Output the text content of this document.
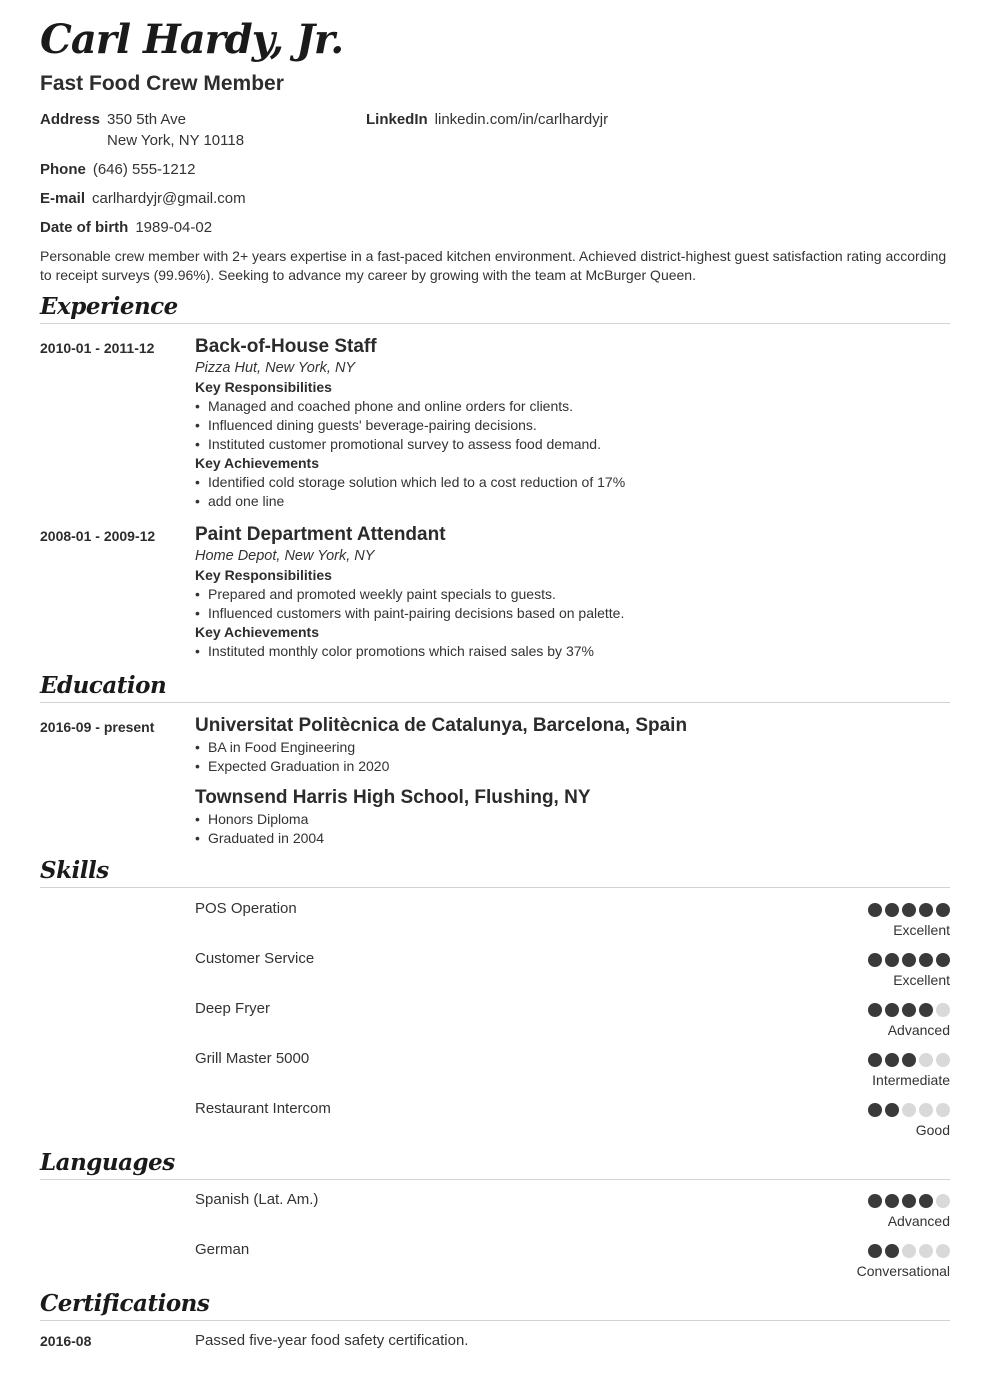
Carl Hardy, Jr.
Fast Food Crew Member
Address 350 5th Ave
New York, NY 10118
LinkedIn linkedin.com/in/carlhardyjr
Phone (646) 555-1212
E-mail carlhardyjr@gmail.com
Date of birth 1989-04-02
Personable crew member with 2+ years expertise in a fast-paced kitchen environment. Achieved district-highest guest satisfaction rating according to receipt surveys (99.96%). Seeking to advance my career by growing with the team at McBurger Queen.
Experience
2010-01 - 2011-12 Back-of-House Staff
Pizza Hut, New York, NY
Key Responsibilities
• Managed and coached phone and online orders for clients.
• Influenced dining guests' beverage-pairing decisions.
• Instituted customer promotional survey to assess food demand.
Key Achievements
• Identified cold storage solution which led to a cost reduction of 17%
• add one line
2008-01 - 2009-12 Paint Department Attendant
Home Depot, New York, NY
Key Responsibilities
• Prepared and promoted weekly paint specials to guests.
• Influenced customers with paint-pairing decisions based on palette.
Key Achievements
• Instituted monthly color promotions which raised sales by 37%
Education
2016-09 - present Universitat Politècnica de Catalunya, Barcelona, Spain
• BA in Food Engineering
• Expected Graduation in 2020
Townsend Harris High School, Flushing, NY
• Honors Diploma
• Graduated in 2004
Skills
POS Operation
Excellent
Customer Service
Excellent
Deep Fryer
Advanced
Grill Master 5000
Intermediate
Restaurant Intercom
Good
Languages
Spanish (Lat. Am.)
Advanced
German
Conversational
Certifications
2016-08	Passed five-year food safety certification.
